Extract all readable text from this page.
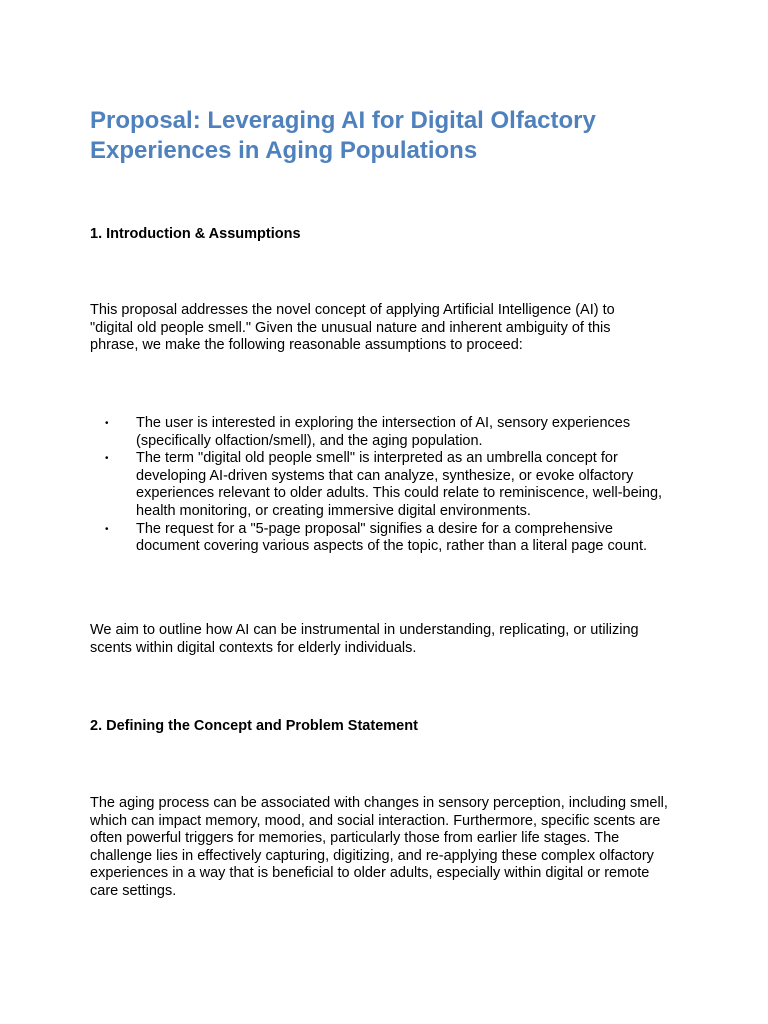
Proposal: Leveraging AI for Digital Olfactory Experiences in Aging Populations
1. Introduction & Assumptions

This proposal addresses the novel concept of applying Artificial Intelligence (AI) to "digital old people smell." Given the unusual nature and inherent ambiguity of this phrase, we make the following reasonable assumptions to proceed:

• The user is interested in exploring the intersection of AI, sensory experiences (specifically olfaction/smell), and the aging population.
• The term "digital old people smell" is interpreted as an umbrella concept for developing AI-driven systems that can analyze, synthesize, or evoke olfactory experiences relevant to older adults. This could relate to reminiscence, well-being, health monitoring, or creating immersive digital environments.
• The request for a "5-page proposal" signifies a desire for a comprehensive document covering various aspects of the topic, rather than a literal page count.

We aim to outline how AI can be instrumental in understanding, replicating, or utilizing scents within digital contexts for elderly individuals.

2. Defining the Concept and Problem Statement

The aging process can be associated with changes in sensory perception, including smell, which can impact memory, mood, and social interaction. Furthermore, specific scents are often powerful triggers for memories, particularly those from earlier life stages. The challenge lies in effectively capturing, digitizing, and re-applying these complex olfactory experiences in a way that is beneficial to older adults, especially within digital or remote care settings.
